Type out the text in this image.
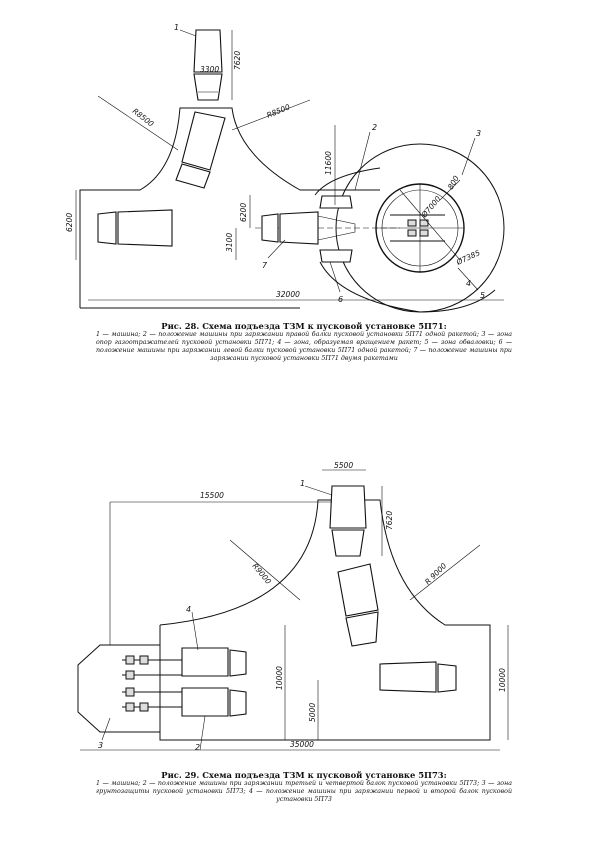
3300 7620
R8500	R8500
11600
6200
6200
3100
Ø7000
Ø7385
800
32000
1
2
3
4
5
6
7
5500
7620
15500
R9000	R 9000
10000	10000
5000
35000
1
2
3
4
Рис. 28. Схема подъезда ТЗМ к пусковой установке 5П71:
1 — машина; 2 — положение машины при заряжании правой балки пусковой установки 5П71 одной ракетой; 3 — зона опор газоотражателей пусковой установки 5П71; 4 — зона, образуемая вращением ракет; 5 — зона обваловки; 6 — положение машины при заряжании левой балки пусковой установки 5П71 одной ракетой; 7 — положение машины при заряжании пусковой установки 5П71 двумя ракетами
Рис. 29. Схема подъезда ТЗМ к пусковой установке 5П73:
1 — машина; 2 — положение машины при заряжании третьей и четвертой балок пусковой установки 5П73; 3 — зона грунтозащиты пусковой установки 5П73; 4 — положение машины при заряжании первой и второй балок пусковой установки 5П73
